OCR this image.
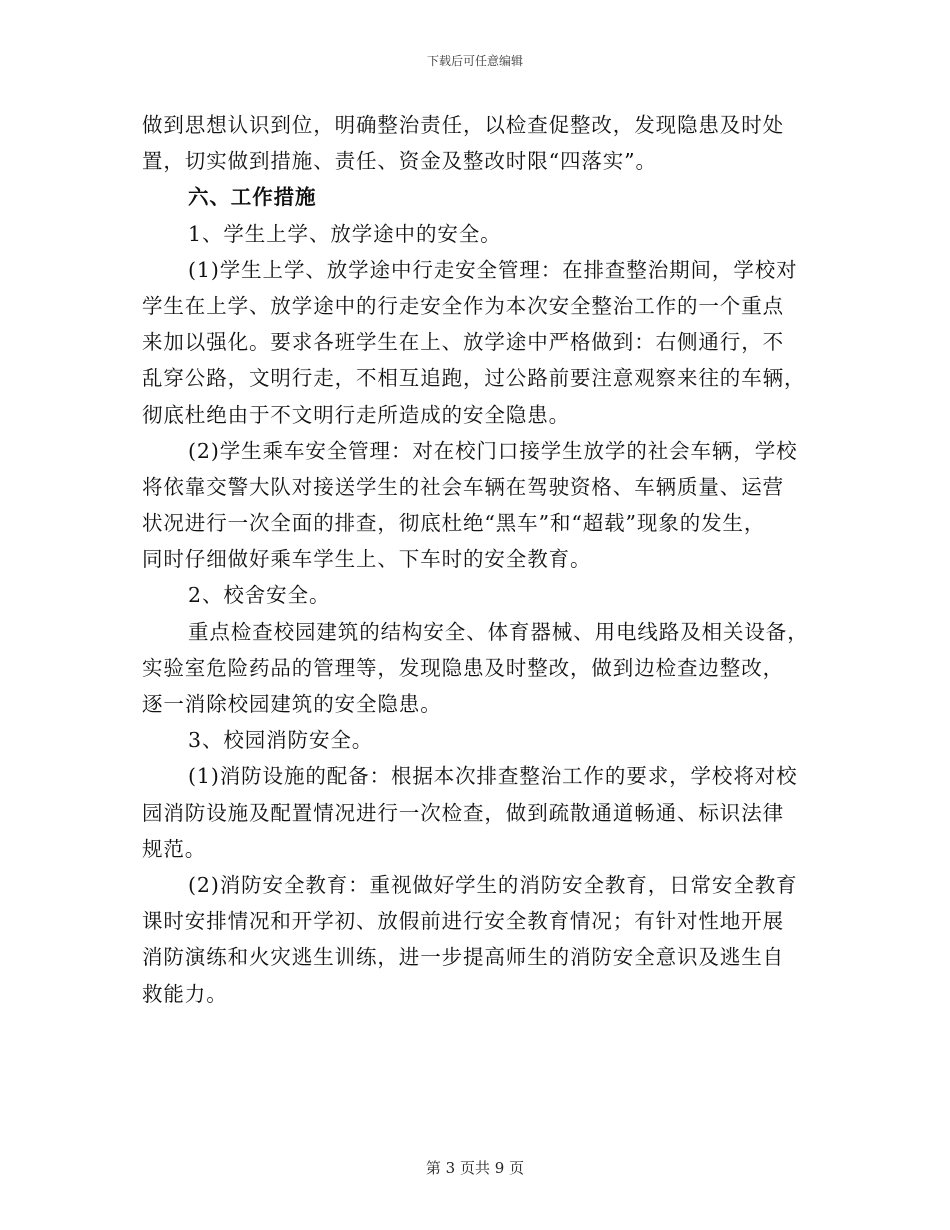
下载后可任意编辑
做到思想认识到位，明确整治责任，以检查促整改，发现隐患及时处
置，切实做到措施、责任、资金及整改时限“四落实”。
六、工作措施
1、学生上学、放学途中的安全。
(1)学生上学、放学途中行走安全管理：在排查整治期间，学校对
学生在上学、放学途中的行走安全作为本次安全整治工作的一个重点
来加以强化。要求各班学生在上、放学途中严格做到：右侧通行，不
乱穿公路，文明行走，不相互追跑，过公路前要注意观察来往的车辆，
彻底杜绝由于不文明行走所造成的安全隐患。
(2)学生乘车安全管理：对在校门口接学生放学的社会车辆，学校
将依靠交警大队对接送学生的社会车辆在驾驶资格、车辆质量、运营
状况进行一次全面的排查，彻底杜绝“黑车”和“超载”现象的发生，
同时仔细做好乘车学生上、下车时的安全教育。
2、校舍安全。
重点检查校园建筑的结构安全、体育器械、用电线路及相关设备，
实验室危险药品的管理等，发现隐患及时整改，做到边检查边整改，
逐一消除校园建筑的安全隐患。
3、校园消防安全。
(1)消防设施的配备：根据本次排查整治工作的要求，学校将对校
园消防设施及配置情况进行一次检查，做到疏散通道畅通、标识法律
规范。
(2)消防安全教育：重视做好学生的消防安全教育，日常安全教育
课时安排情况和开学初、放假前进行安全教育情况；有针对性地开展
消防演练和火灾逃生训练，进一步提高师生的消防安全意识及逃生自
救能力。
第 3 页共 9 页
